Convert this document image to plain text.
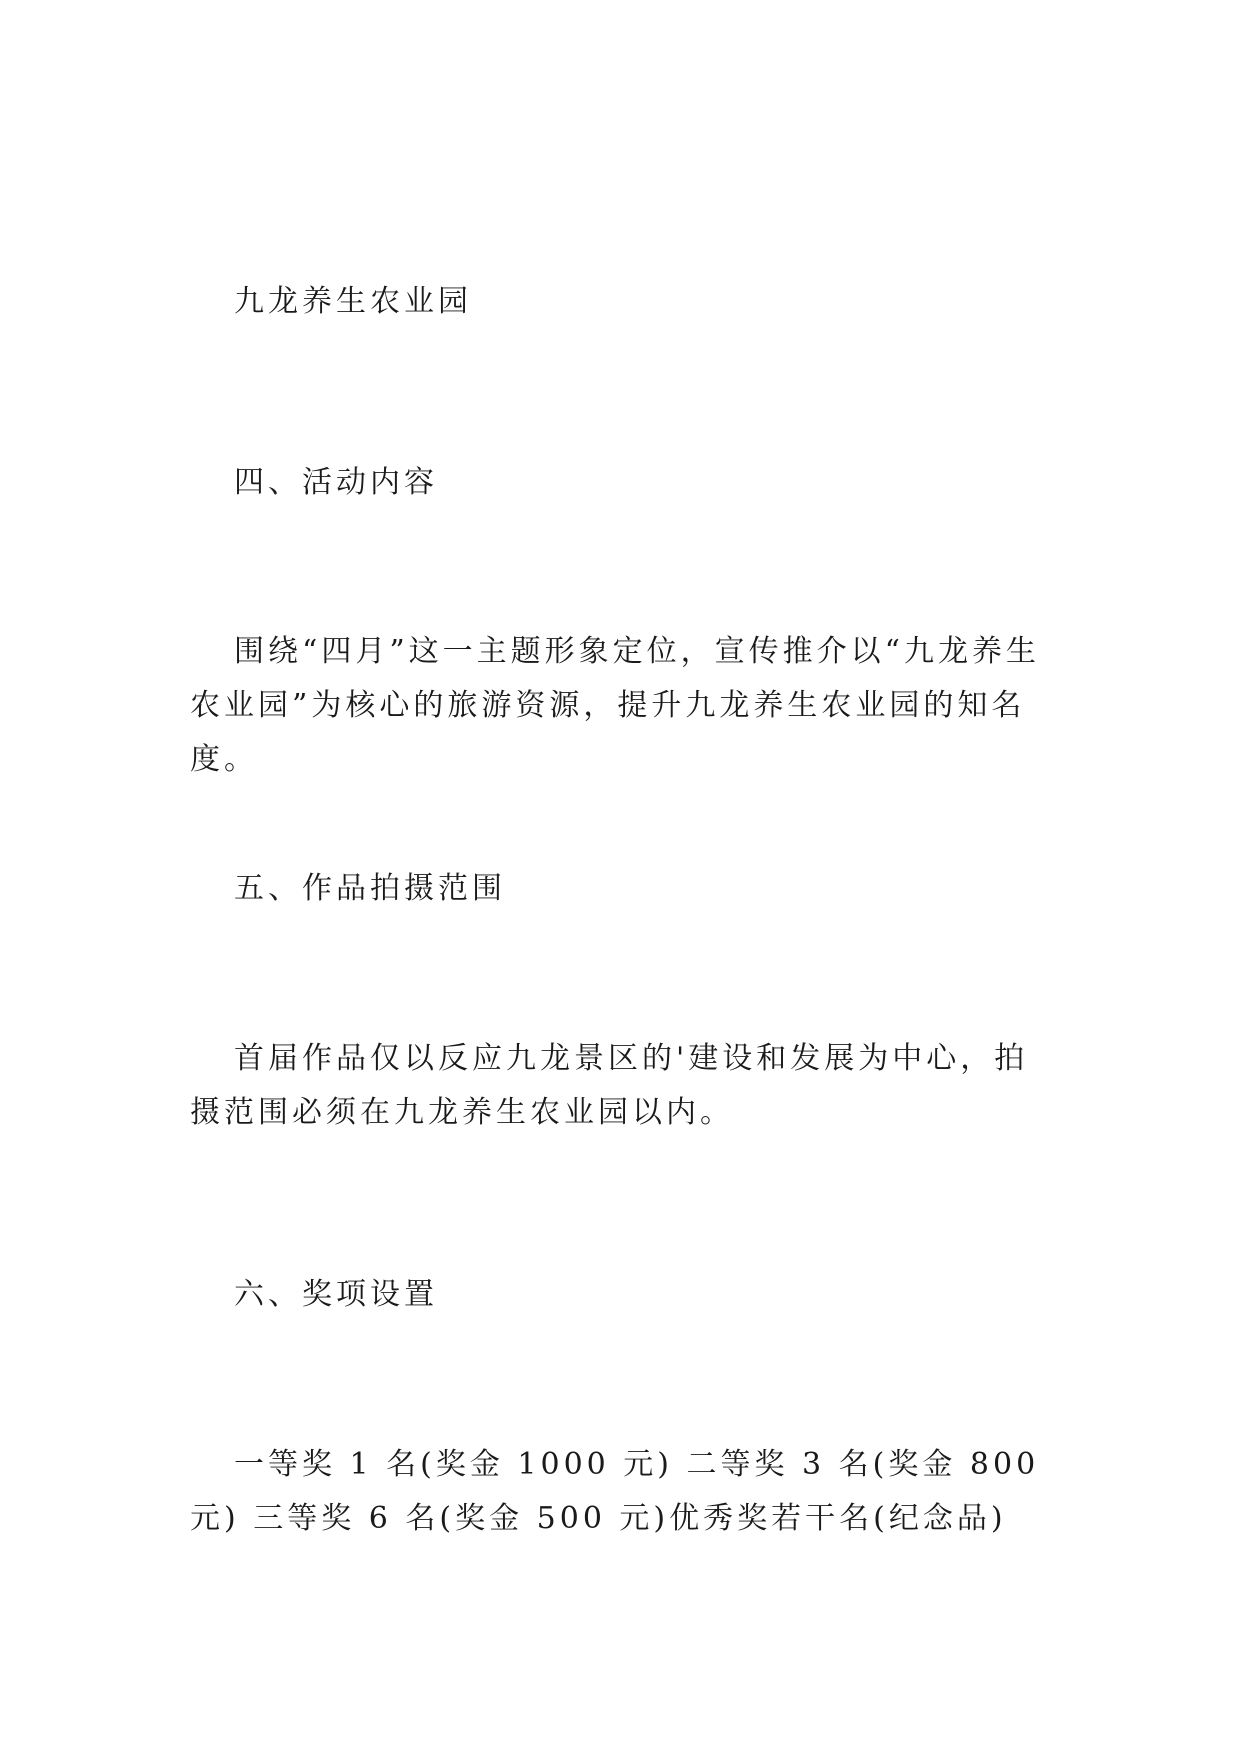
九龙养生农业园

四、活动内容

围绕“四月”这一主题形象定位，宣传推介以“九龙养生农业园”为核心的旅游资源，提升九龙养生农业园的知名度。

五、作品拍摄范围

首届作品仅以反应九龙景区的'建设和发展为中心，拍摄范围必须在九龙养生农业园以内。

六、奖项设置

一等奖 1 名(奖金 1000 元) 二等奖 3 名(奖金 800 元) 三等奖 6 名(奖金 500 元)优秀奖若干名(纪念品)
